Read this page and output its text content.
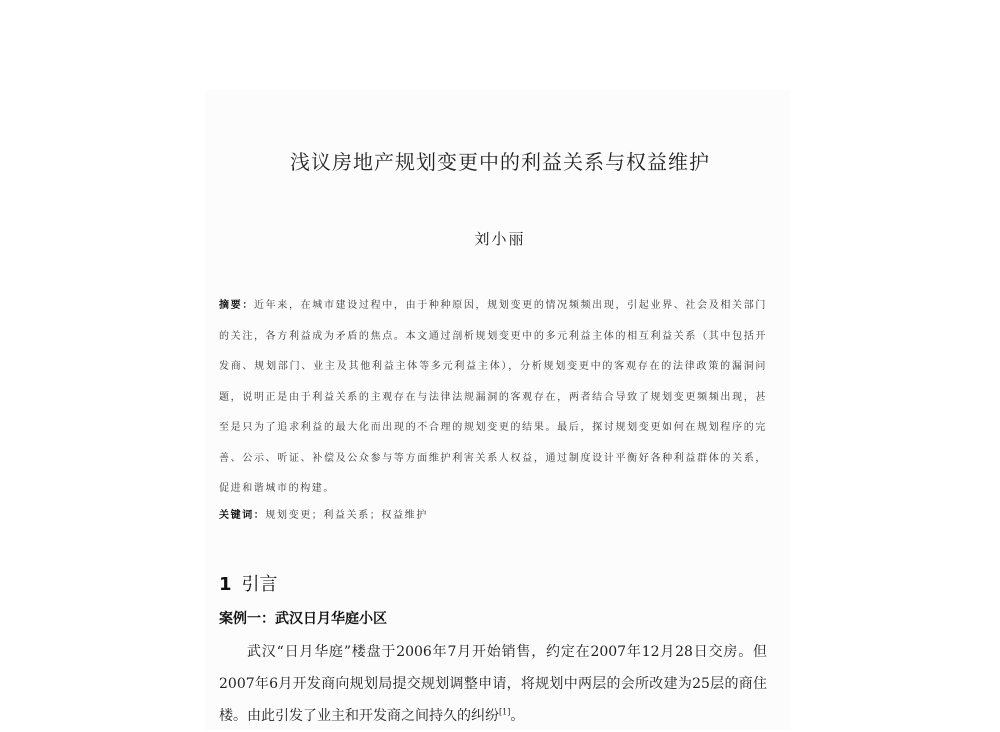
浅议房地产规划变更中的利益关系与权益维护
刘小丽
摘要：近年来，在城市建设过程中，由于种种原因，规划变更的情况频频出现，引起业界、社会及相关部门的关注，各方利益成为矛盾的焦点。本文通过剖析规划变更中的多元利益主体的相互利益关系（其中包括开发商、规划部门、业主及其他利益主体等多元利益主体），分析规划变更中的客观存在的法律政策的漏洞问题，说明正是由于利益关系的主观存在与法律法规漏洞的客观存在，两者结合导致了规划变更频频出现，甚至是只为了追求利益的最大化而出现的不合理的规划变更的结果。最后，探讨规划变更如何在规划程序的完善、公示、听证、补偿及公众参与等方面维护利害关系人权益，通过制度设计平衡好各种利益群体的关系，促进和谐城市的构建。
关键词：规划变更；利益关系；权益维护
1 引言
案例一：武汉日月华庭小区
武汉“日月华庭”楼盘于2006年7月开始销售，约定在2007年12月28日交房。但2007年6月开发商向规划局提交规划调整申请，将规划中两层的会所改建为25层的商住楼。由此引发了业主和开发商之间持久的纠纷[1]。
